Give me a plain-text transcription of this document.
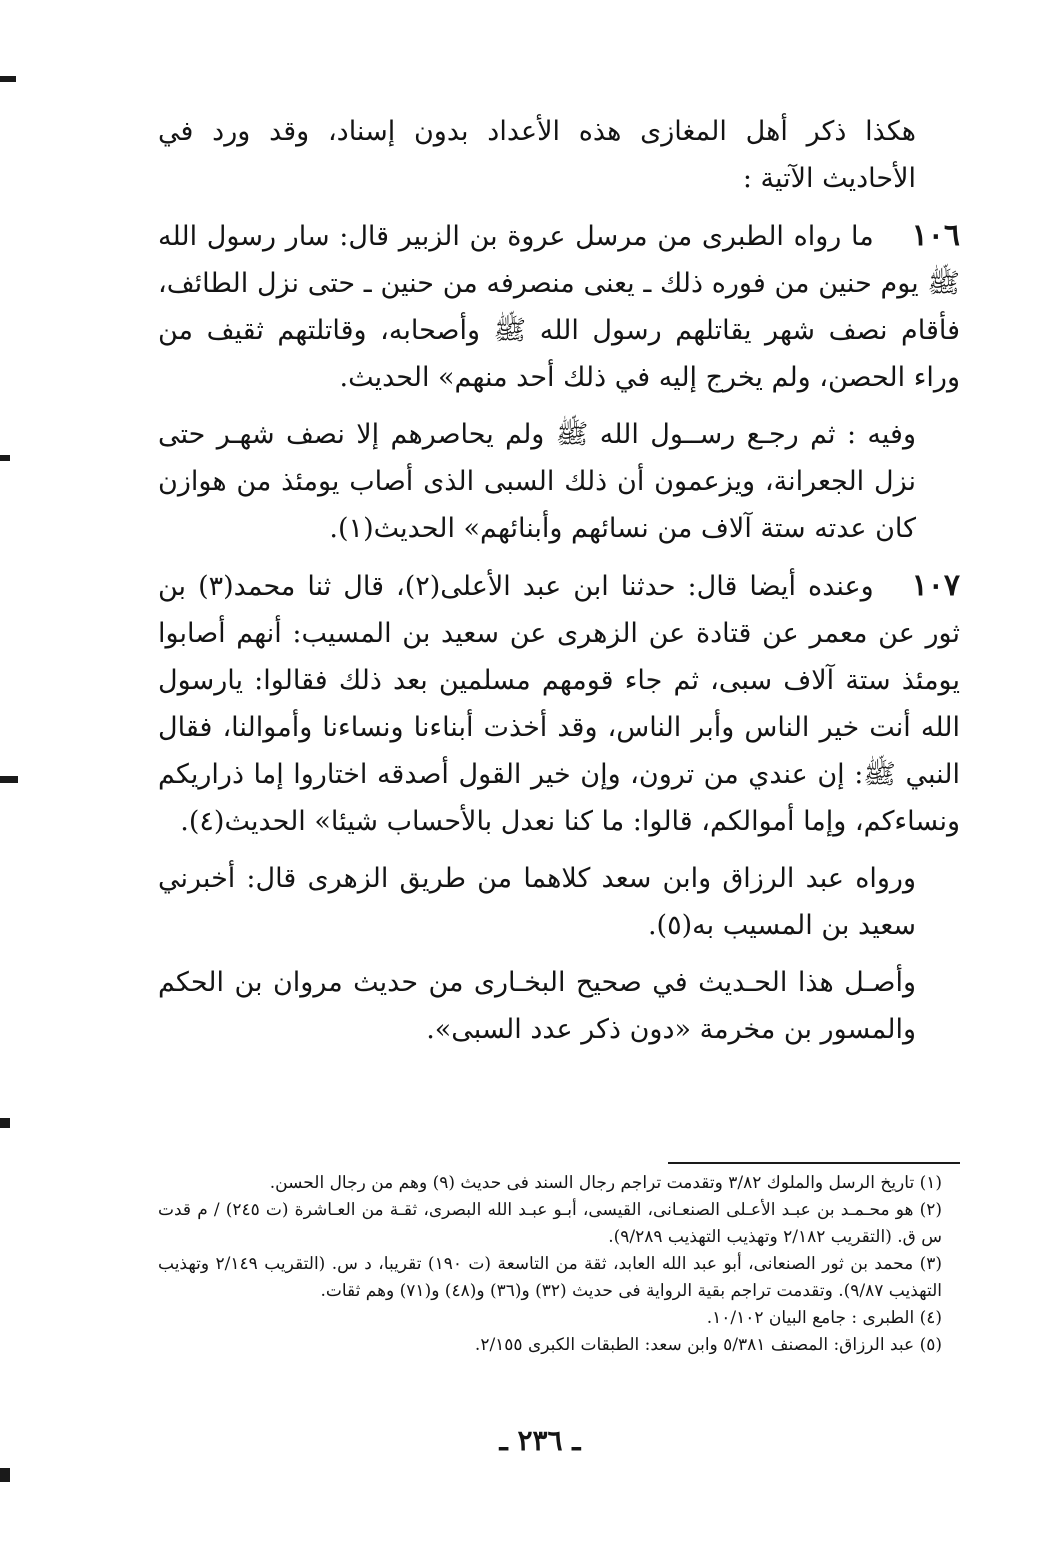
هكذا ذكر أهل المغازى هذه الأعداد بدون إسناد، وقد ورد في الأحاديث الآتية :

١٠٦ما رواه الطبرى من مرسل عروة بن الزبير قال: سار رسول الله ﷺ يوم حنين من فوره ذلك ـ يعنى منصرفه من حنين ـ حتى نزل الطائف، فأقام نصف شهر يقاتلهم رسول الله ﷺ وأصحابه، وقاتلتهم ثقيف من وراء الحصن، ولم يخرج إليه في ذلك أحد منهم» الحديث.

وفيه : ثم رجـع رســول الله ﷺ ولم يحاصرهم إلا نصف شهـر حتى نزل الجعرانة، ويزعمون أن ذلك السبى الذى أصاب يومئذ من هوازن كان عدته ستة آلاف من نسائهم وأبنائهم» الحديث(١).

١٠٧وعنده أيضا قال: حدثنا ابن عبد الأعلى(٢)، قال ثنا محمد(٣) بن ثور عن معمر عن قتادة عن الزهرى عن سعيد بن المسيب: أنهم أصابوا يومئذ ستة آلاف سبى، ثم جاء قومهم مسلمين بعد ذلك فقالوا: يارسول الله أنت خير الناس وأبر الناس، وقد أخذت أبناءنا ونساءنا وأموالنا، فقال النبي ﷺ: إن عندي من ترون، وإن خير القول أصدقه اختاروا إما ذراريكم ونساءكم، وإما أموالكم، قالوا: ما كنا نعدل بالأحساب شيئا» الحديث(٤).

ورواه عبد الرزاق وابن سعد كلاهما من طريق الزهرى قال: أخبرني سعيد بن المسيب به(٥).

وأصـل هذا الحـديث في صحيح البخـارى من حديث مروان بن الحكم والمسور بن مخرمة «دون ذكر عدد السبى».

(١) تاريخ الرسل والملوك ٣/٨٢ وتقدمت تراجم رجال السند فى حديث (٩) وهم من رجال الحسن.

(٢) هو محـمـد بن عبـد الأعـلى الصنعـانى، القيسى، أبـو عبـد الله البصرى، ثقـة من العـاشرة (ت ٢٤٥) / م قدت س ق. (التقريب ٢/١٨٢ وتهذيب التهذيب ٩/٢٨٩).

(٣) محمد بن ثور الصنعانى، أبو عبد الله العابد، ثقة من التاسعة (ت ١٩٠) تقريبا، د س. (التقريب ٢/١٤٩ وتهذيب التهذيب ٩/٨٧). وتقدمت تراجم بقية الرواية فى حديث (٣٢) و(٣٦) و(٤٨) و(٧١) وهم ثقات.

(٤) الطبرى : جامع البيان ١٠/١٠٢.

(٥) عبد الرزاق: المصنف ٥/٣٨١ وابن سعد: الطبقات الكبرى ٢/١٥٥.

ـ ٢٣٦ ـ
